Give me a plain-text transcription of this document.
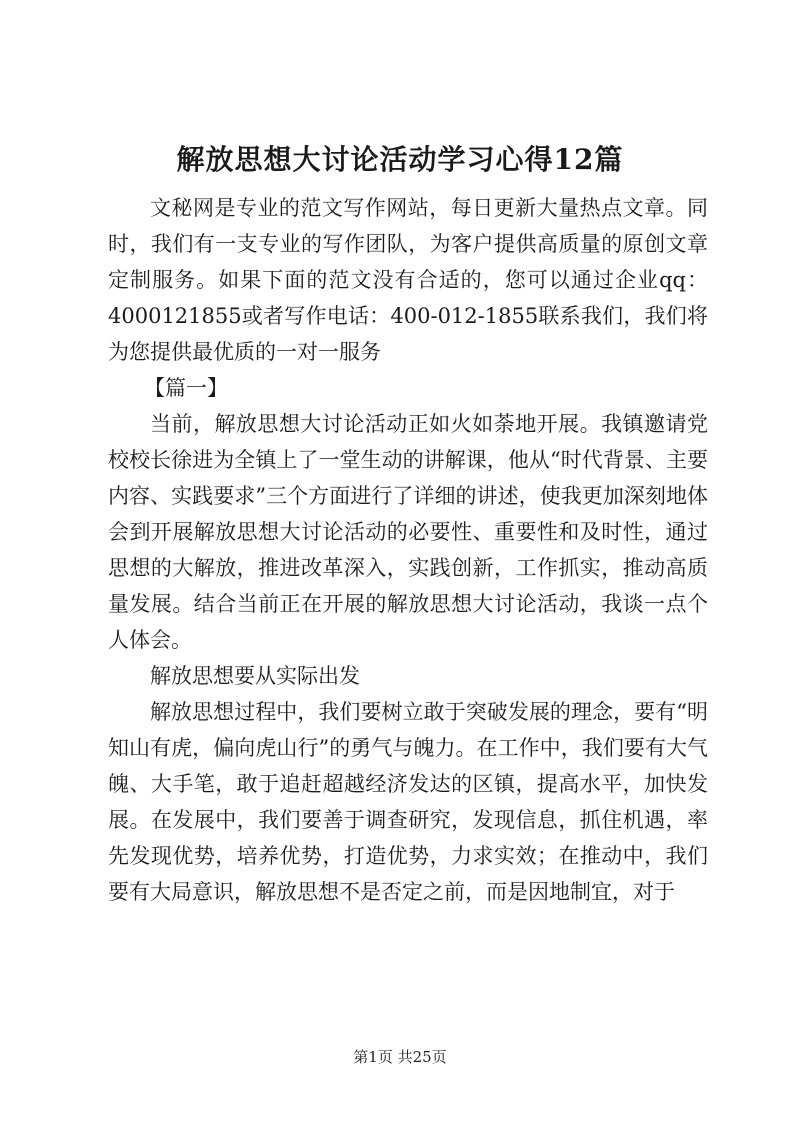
解放思想大讨论活动学习心得12篇

文秘网是专业的范文写作网站，每日更新大量热点文章。同时，我们有一支专业的写作团队，为客户提供高质量的原创文章定制服务。如果下面的范文没有合适的，您可以通过企业qq：4000121855或者写作电话：400-012-1855联系我们，我们将为您提供最优质的一对一服务

【篇一】

当前，解放思想大讨论活动正如火如荼地开展。我镇邀请党校校长徐进为全镇上了一堂生动的讲解课，他从“时代背景、主要内容、实践要求”三个方面进行了详细的讲述，使我更加深刻地体会到开展解放思想大讨论活动的必要性、重要性和及时性，通过思想的大解放，推进改革深入，实践创新，工作抓实，推动高质量发展。结合当前正在开展的解放思想大讨论活动，我谈一点个人体会。

解放思想要从实际出发

解放思想过程中，我们要树立敢于突破发展的理念，要有“明知山有虎，偏向虎山行”的勇气与魄力。在工作中，我们要有大气魄、大手笔，敢于追赶超越经济发达的区镇，提高水平，加快发展。在发展中，我们要善于调查研究，发现信息，抓住机遇，率先发现优势，培养优势，打造优势，力求实效；在推动中，我们要有大局意识，解放思想不是否定之前，而是因地制宜，对于

第1页 共25页
